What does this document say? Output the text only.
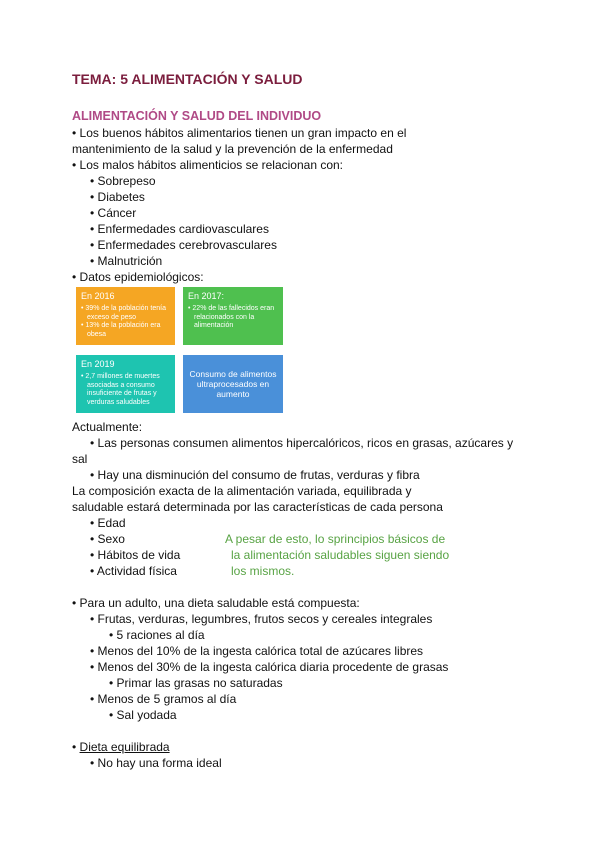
TEMA: 5 ALIMENTACIÓN Y SALUD
ALIMENTACIÓN Y SALUD DEL INDIVIDUO
• Los buenos hábitos alimentarios tienen un gran impacto en el
mantenimiento de la salud y la prevención de la enfermedad
• Los malos hábitos alimenticios se relacionan con:
• Sobrepeso
• Diabetes
• Cáncer
• Enfermedades cardiovasculares
• Enfermedades cerebrovasculares
• Malnutrición
• Datos epidemiológicos:
En 2016
• 39% de la población tenía exceso de peso
• 13% de la población era obesa
En 2017:
• 22% de las fallecidos eran relacionados con la alimentación
En 2019
• 2,7 millones de muertes asociadas a consumo insuficiente de frutas y verduras saludables
Consumo de alimentos ultraprocesados en aumento
Actualmente:
• Las personas consumen alimentos hipercalóricos, ricos en grasas, azúcares y
sal
• Hay una disminución del consumo de frutas, verduras y fibra
La composición exacta de la alimentación variada, equilibrada y
saludable estará determinada por las características de cada persona
• Edad
• Sexo
• Hábitos de vida
• Actividad física
A pesar de esto, lo sprincipios básicos de
la alimentación saludables siguen siendo
los mismos.
• Para un adulto, una dieta saludable está compuesta:
• Frutas, verduras, legumbres, frutos secos y cereales integrales
• 5 raciones al día
• Menos del 10% de la ingesta calórica total de azúcares libres
• Menos del 30% de la ingesta calórica diaria procedente de grasas
• Primar las grasas no saturadas
• Menos de 5 gramos al día
• Sal yodada
• Dieta equilibrada
• No hay una forma ideal
